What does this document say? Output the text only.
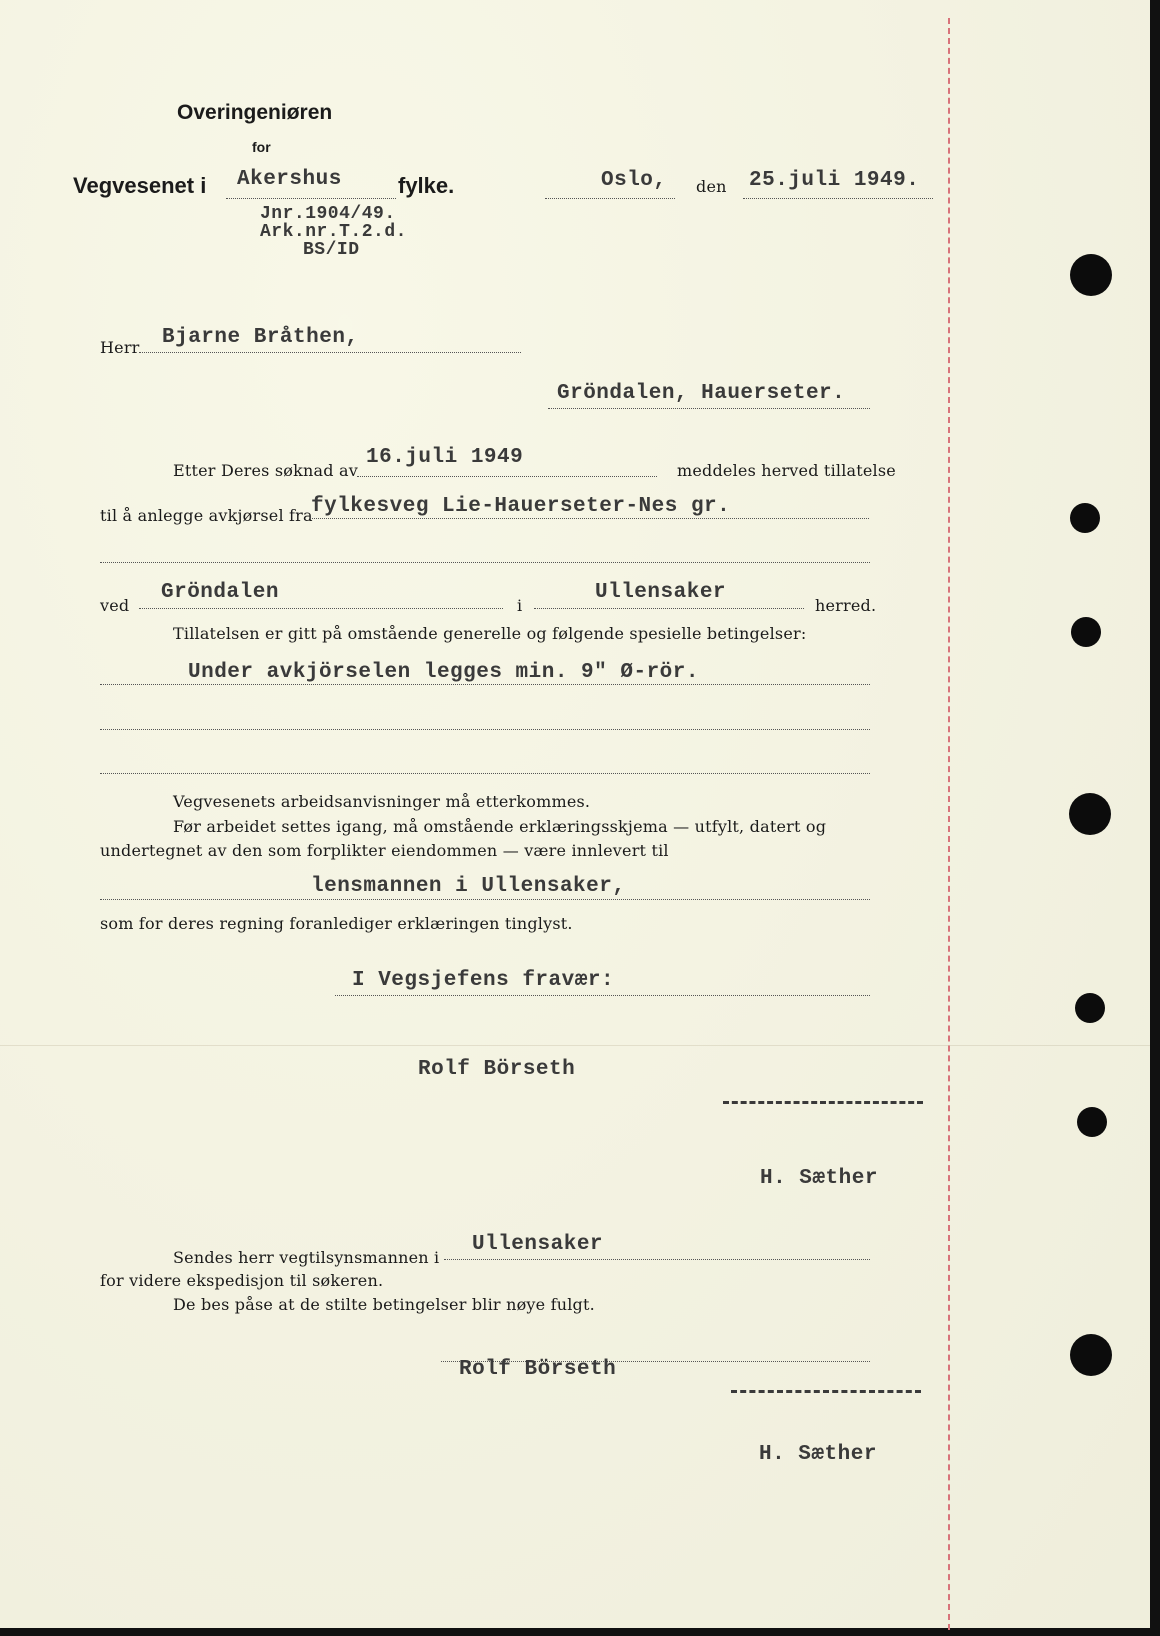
Overingeniøren
for
Vegvesenet i Akershus	fylke.	Oslo, den 25.juli 1949.
Jnr.1904/49.
Ark.nr.T.2.d.
BS/ID
Herr Bjarne Bråthen,
Gröndalen, Hauerseter.
Etter Deres søknad av
16.juli 1949
meddeles herved tillatelse
til å anlegge avkjørsel fra
fylkesveg Lie-Hauerseter-Nes gr.
ved
Gröndalen
i
Ullensaker
herred.
Tillatelsen er gitt på omstående generelle og følgende spesielle betingelser:
Under avkjörselen legges min. 9" Ø-rör.
Vegvesenets arbeidsanvisninger må etterkommes.
Før arbeidet settes igang, må omstående erklæringsskjema — utfylt, datert og
undertegnet av den som forplikter eiendommen — være innlevert til
lensmannen i Ullensaker,
som for deres regning foranlediger erklæringen tinglyst.
I Vegsjefens fravær:
Rolf Börseth
H. Sæther
Sendes herr vegtilsynsmannen i
Ullensaker
for videre ekspedisjon til søkeren.
De bes påse at de stilte betingelser blir nøye fulgt.
Rolf Börseth
H. Sæther
